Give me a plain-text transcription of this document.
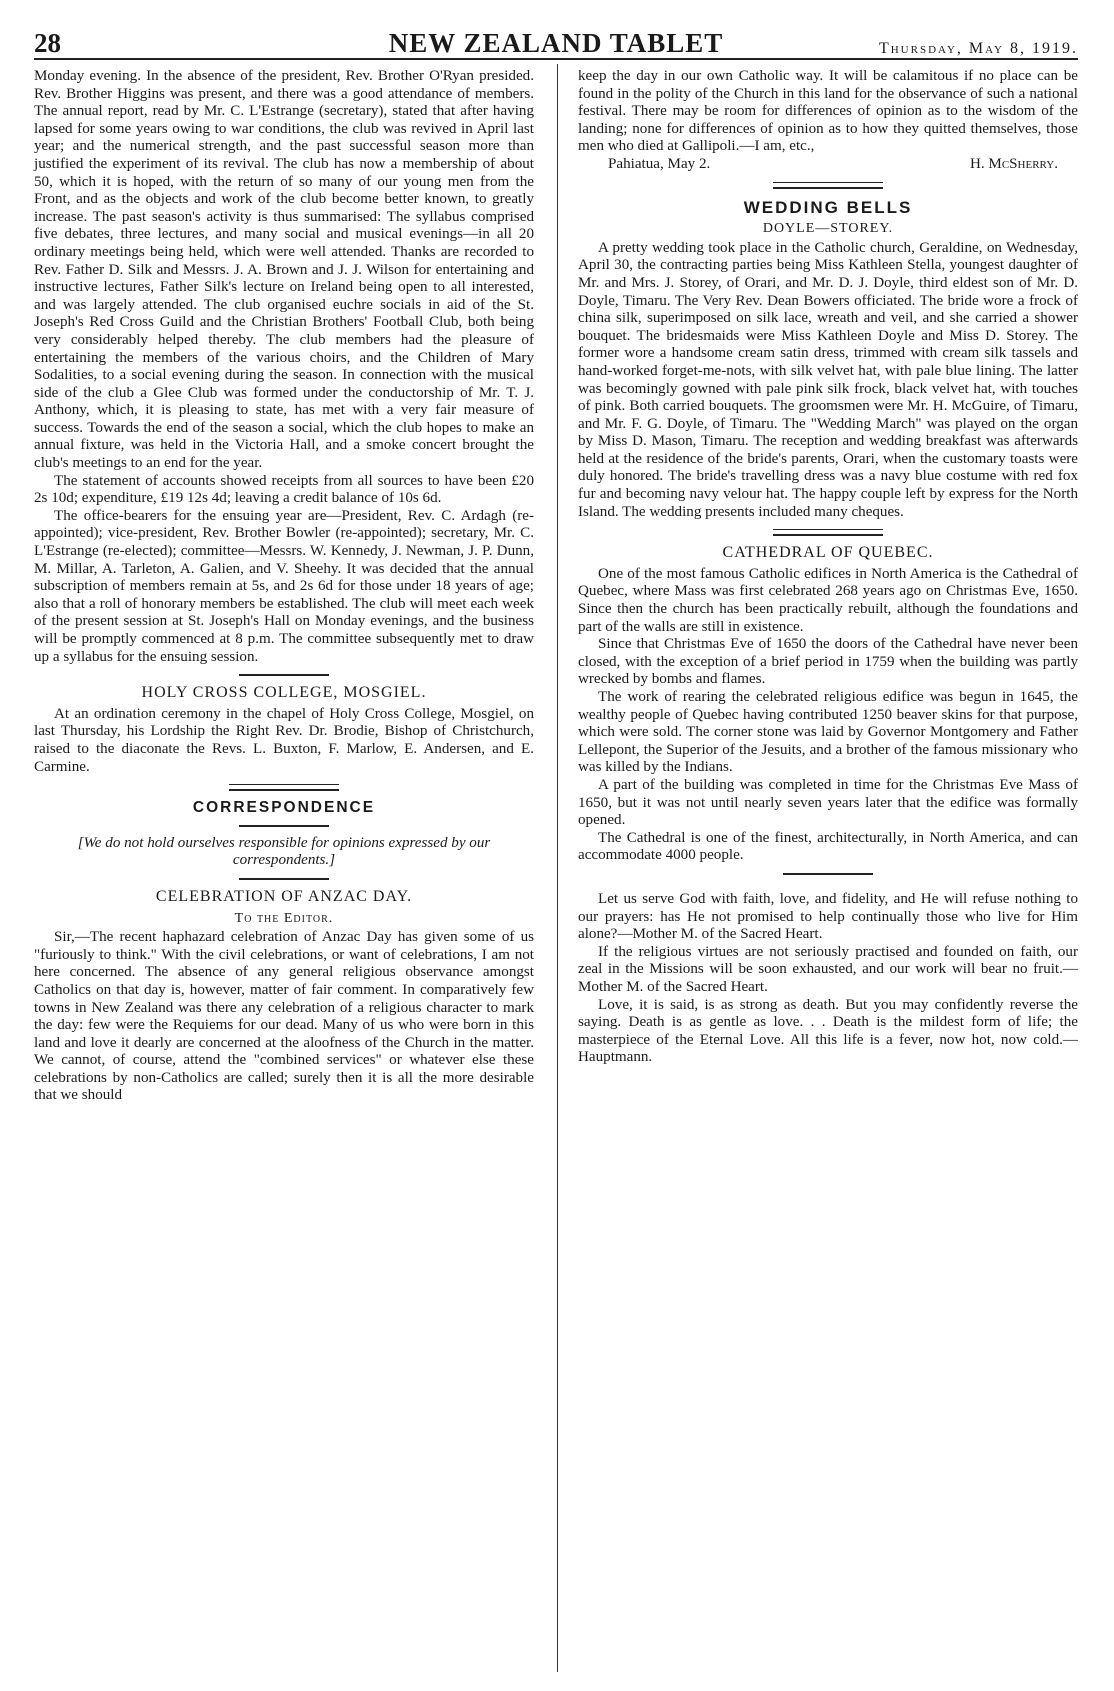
28	NEW ZEALAND TABLET	Thursday, May 8, 1919.

Monday evening. In the absence of the president, Rev. Brother O'Ryan presided. Rev. Brother Higgins was present, and there was a good attendance of members. The annual report, read by Mr. C. L'Estrange (secretary), stated that after having lapsed for some years owing to war conditions, the club was revived in April last year; and the numerical strength, and the past successful season more than justified the experiment of its revival. The club has now a membership of about 50, which it is hoped, with the return of so many of our young men from the Front, and as the objects and work of the club become better known, to greatly increase. The past season's activity is thus summarised: The syllabus comprised five debates, three lectures, and many social and musical evenings—in all 20 ordinary meetings being held, which were well attended. Thanks are recorded to Rev. Father D. Silk and Messrs. J. A. Brown and J. J. Wilson for entertaining and instructive lectures, Father Silk's lecture on Ireland being open to all interested, and was largely attended. The club organised euchre socials in aid of the St. Joseph's Red Cross Guild and the Christian Brothers' Football Club, both being very considerably helped thereby. The club members had the pleasure of entertaining the members of the various choirs, and the Children of Mary Sodalities, to a social evening during the season. In connection with the musical side of the club a Glee Club was formed under the conductorship of Mr. T. J. Anthony, which, it is pleasing to state, has met with a very fair measure of success. Towards the end of the season a social, which the club hopes to make an annual fixture, was held in the Victoria Hall, and a smoke concert brought the club's meetings to an end for the year.

The statement of accounts showed receipts from all sources to have been £20 2s 10d; expenditure, £19 12s 4d; leaving a credit balance of 10s 6d.

The office-bearers for the ensuing year are—President, Rev. C. Ardagh (re-appointed); vice-president, Rev. Brother Bowler (re-appointed); secretary, Mr. C. L'Estrange (re-elected); committee—Messrs. W. Kennedy, J. Newman, J. P. Dunn, M. Millar, A. Tarleton, A. Galien, and V. Sheehy. It was decided that the annual subscription of members remain at 5s, and 2s 6d for those under 18 years of age; also that a roll of honorary members be established. The club will meet each week of the present session at St. Joseph's Hall on Monday evenings, and the business will be promptly commenced at 8 p.m. The committee subsequently met to draw up a syllabus for the ensuing session.

HOLY CROSS COLLEGE, MOSGIEL.

At an ordination ceremony in the chapel of Holy Cross College, Mosgiel, on last Thursday, his Lordship the Right Rev. Dr. Brodie, Bishop of Christchurch, raised to the diaconate the Revs. L. Buxton, F. Marlow, E. Andersen, and E. Carmine.

CORRESPONDENCE

[We do not hold ourselves responsible for opinions expressed by our correspondents.]

CELEBRATION OF ANZAC DAY.
To the Editor.

Sir,—The recent haphazard celebration of Anzac Day has given some of us "furiously to think." With the civil celebrations, or want of celebrations, I am not here concerned. The absence of any general religious observance amongst Catholics on that day is, however, matter of fair comment. In comparatively few towns in New Zealand was there any celebration of a religious character to mark the day: few were the Requiems for our dead. Many of us who were born in this land and love it dearly are concerned at the aloofness of the Church in the matter. We cannot, of course, attend the "combined services" or whatever else these celebrations by non-Catholics are called; surely then it is all the more desirable that we should

keep the day in our own Catholic way. It will be calamitous if no place can be found in the polity of the Church in this land for the observance of such a national festival. There may be room for differences of opinion as to the wisdom of the landing; none for differences of opinion as to how they quitted themselves, those men who died at Gallipoli.—I am, etc.,

Pahiatua, May 2.	H. McSherry.
WEDDING BELLS
DOYLE—STOREY.

A pretty wedding took place in the Catholic church, Geraldine, on Wednesday, April 30, the contracting parties being Miss Kathleen Stella, youngest daughter of Mr. and Mrs. J. Storey, of Orari, and Mr. D. J. Doyle, third eldest son of Mr. D. Doyle, Timaru. The Very Rev. Dean Bowers officiated. The bride wore a frock of china silk, superimposed on silk lace, wreath and veil, and she carried a shower bouquet. The bridesmaids were Miss Kathleen Doyle and Miss D. Storey. The former wore a handsome cream satin dress, trimmed with cream silk tassels and hand-worked forget-me-nots, with silk velvet hat, with pale blue lining. The latter was becomingly gowned with pale pink silk frock, black velvet hat, with touches of pink. Both carried bouquets. The groomsmen were Mr. H. McGuire, of Timaru, and Mr. F. G. Doyle, of Timaru. The "Wedding March" was played on the organ by Miss D. Mason, Timaru. The reception and wedding breakfast was afterwards held at the residence of the bride's parents, Orari, when the customary toasts were duly honored. The bride's travelling dress was a navy blue costume with red fox fur and becoming navy velour hat. The happy couple left by express for the North Island. The wedding presents included many cheques.

CATHEDRAL OF QUEBEC.

One of the most famous Catholic edifices in North America is the Cathedral of Quebec, where Mass was first celebrated 268 years ago on Christmas Eve, 1650. Since then the church has been practically rebuilt, although the foundations and part of the walls are still in existence.

Since that Christmas Eve of 1650 the doors of the Cathedral have never been closed, with the exception of a brief period in 1759 when the building was partly wrecked by bombs and flames.

The work of rearing the celebrated religious edifice was begun in 1645, the wealthy people of Quebec having contributed 1250 beaver skins for that purpose, which were sold. The corner stone was laid by Governor Montgomery and Father Lellepont, the Superior of the Jesuits, and a brother of the famous missionary who was killed by the Indians.

A part of the building was completed in time for the Christmas Eve Mass of 1650, but it was not until nearly seven years later that the edifice was formally opened.

The Cathedral is one of the finest, architecturally, in North America, and can accommodate 4000 people.

Let us serve God with faith, love, and fidelity, and He will refuse nothing to our prayers: has He not promised to help continually those who live for Him alone?—Mother M. of the Sacred Heart.

If the religious virtues are not seriously practised and founded on faith, our zeal in the Missions will be soon exhausted, and our work will bear no fruit.—Mother M. of the Sacred Heart.

Love, it is said, is as strong as death. But you may confidently reverse the saying. Death is as gentle as love. . . Death is the mildest form of life; the masterpiece of the Eternal Love. All this life is a fever, now hot, now cold.—Hauptmann.
